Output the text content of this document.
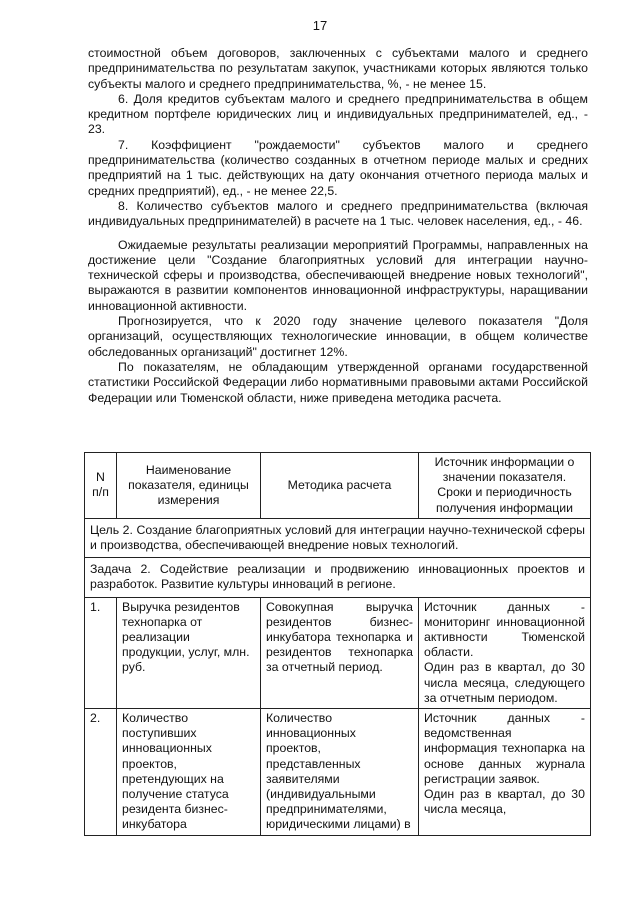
17

стоимостной объем договоров, заключенных с субъектами малого и среднего предпринимательства по результатам закупок, участниками которых являются только субъекты малого и среднего предпринимательства, %, - не менее 15.

6. Доля кредитов субъектам малого и среднего предпринимательства в общем кредитном портфеле юридических лиц и индивидуальных предпринимателей, ед., - 23.

7. Коэффициент "рождаемости" субъектов малого и среднего предпринимательства (количество созданных в отчетном периоде малых и средних предприятий на 1 тыс. действующих на дату окончания отчетного периода малых и средних предприятий), ед., - не менее 22,5.

8. Количество субъектов малого и среднего предпринимательства (включая индивидуальных предпринимателей) в расчете на 1 тыс. человек населения, ед., - 46.

Ожидаемые результаты реализации мероприятий Программы, направленных на достижение цели "Создание благоприятных условий для интеграции научно-технической сферы и производства, обеспечивающей внедрение новых технологий", выражаются в развитии компонентов инновационной инфраструктуры, наращивании инновационной активности.

Прогнозируется, что к 2020 году значение целевого показателя "Доля организаций, осуществляющих технологические инновации, в общем количестве обследованных организаций" достигнет 12%.

По показателям, не обладающим утвержденной органами государственной статистики Российской Федерации либо нормативными правовыми актами Российской Федерации или Тюменской области, ниже приведена методика расчета.

N п/п	Наименование показателя, единицы измерения	Методика расчета	Источник информации о значении показателя. Сроки и периодичность получения информации
Цель 2. Создание благоприятных условий для интеграции научно-технической сферы и производства, обеспечивающей внедрение новых технологий.			
Задача 2. Содействие реализации и продвижению инновационных проектов и разработок. Развитие культуры инноваций в регионе.			
1.	Выручка резидентов технопарка от реализации продукции, услуг, млн. руб.	Совокупная выручка резидентов бизнес-инкубатора технопарка и резидентов технопарка за отчетный период.	Источник данных - мониторинг инновационной активности Тюменской области.
Один раз в квартал, до 30 числа месяца, следующего за отчетным периодом.

2.	Количество поступивших инновационных проектов, претендующих на получение статуса резидента бизнес-инкубатора	Количество инновационных проектов, представленных заявителями (индивидуальными предпринимателями, юридическими лицами) в	Источник данных - ведомственная информация технопарка на основе данных журнала регистрации заявок.
Один раз в квартал, до 30 числа месяца,
